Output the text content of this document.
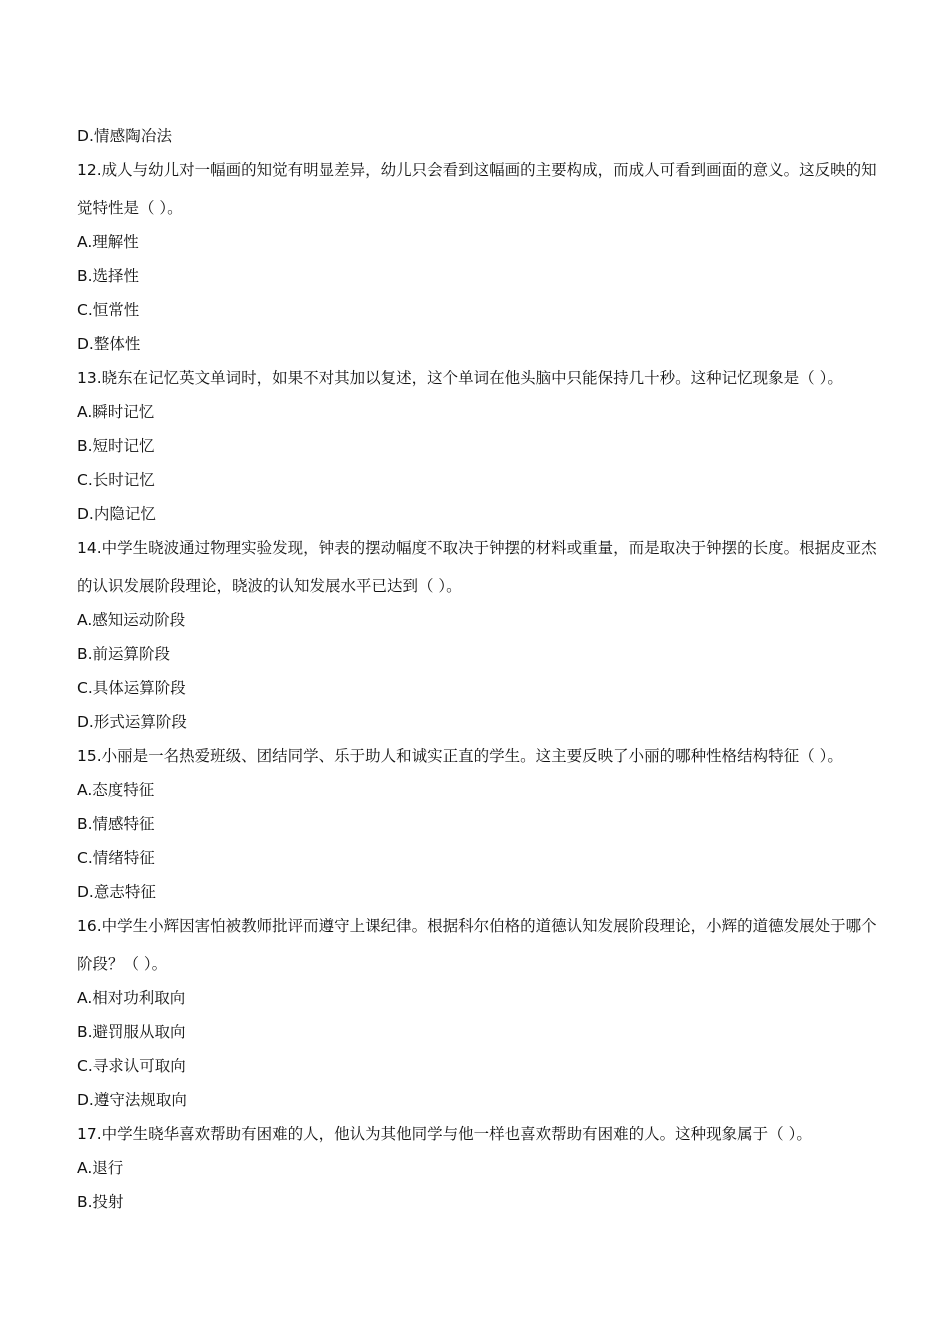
D.情感陶冶法
12.成人与幼儿对一幅画的知觉有明显差异，幼儿只会看到这幅画的主要构成，而成人可看到画面的意义。这反映的知觉特性是（ ）。
A.理解性
B.选择性
C.恒常性
D.整体性
13.晓东在记忆英文单词时，如果不对其加以复述，这个单词在他头脑中只能保持几十秒。这种记忆现象是（ ）。
A.瞬时记忆
B.短时记忆
C.长时记忆
D.内隐记忆
14.中学生晓波通过物理实验发现，钟表的摆动幅度不取决于钟摆的材料或重量，而是取决于钟摆的长度。根据皮亚杰的认识发展阶段理论，晓波的认知发展水平已达到（ ）。
A.感知运动阶段
B.前运算阶段
C.具体运算阶段
D.形式运算阶段
15.小丽是一名热爱班级、团结同学、乐于助人和诚实正直的学生。这主要反映了小丽的哪种性格结构特征（ ）。
A.态度特征
B.情感特征
C.情绪特征
D.意志特征
16.中学生小辉因害怕被教师批评而遵守上课纪律。根据科尔伯格的道德认知发展阶段理论，小辉的道德发展处于哪个阶段？（ ）。
A.相对功利取向
B.避罚服从取向
C.寻求认可取向
D.遵守法规取向
17.中学生晓华喜欢帮助有困难的人，他认为其他同学与他一样也喜欢帮助有困难的人。这种现象属于（ ）。
A.退行
B.投射
